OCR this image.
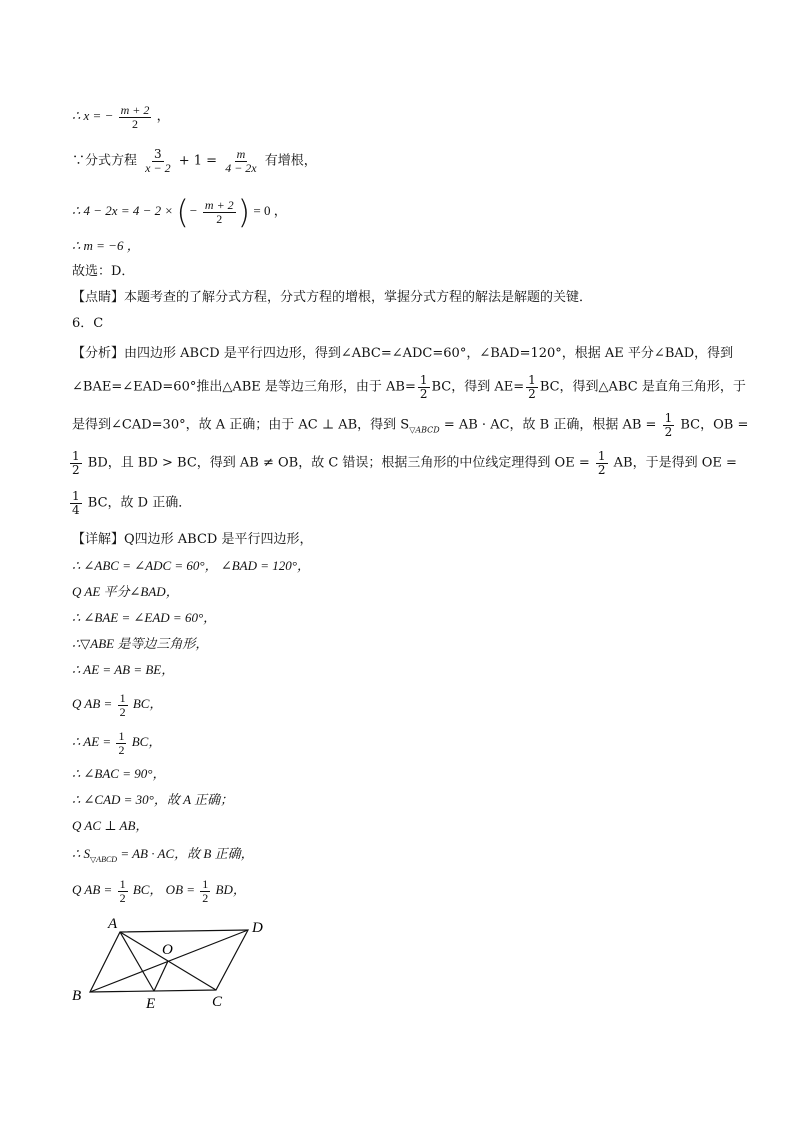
∴ x = − $\frac{m + 2}{2}$ ，
∵分式方程 $\frac{3}{x - 2} + 1 = \frac{m}{4 - 2x}$ 有增根，
∴ 4 − 2x = 4 − 2 × (− $\frac{m + 2}{2}$ ) = 0 ，
∴ m = −6 ，
故选：D．
【点睛】本题考查的了解分式方程，分式方程的增根，掌握分式方程的解法是解题的关键．
6．C
【分析】由四边形 ABCD 是平行四边形，得到∠ABC=∠ADC=60°，∠BAD=120°，根据 AE 平分∠BAD，得到
∠BAE=∠EAD=60°推出△ABE 是等边三角形，由于 $AB= \frac{1}{2}$ BC，得到 $AE= \frac{1}{2}$ BC，得到△ABC 是直角三角形，于
是得到∠CAD=30°，故 A 正确；由于 AC ⊥ AB，得到 $S_{▽ABCD}$ = AB · AC，故 B 正确，根据 AB = $\frac{1}{2}$ BC，OB =
$\frac{1}{2}$ BD，且 BD > BC，得到 AB ≠ OB，故 C 错误；根据三角形的中位线定理得到 OE = $\frac{1}{2}$ AB，于是得到 OE =
$\frac{1}{4}$ BC，故 D 正确．
【详解】Q四边形 ABCD 是平行四边形，
∴ ∠ABC = ∠ADC = 60°， ∠BAD = 120°，
Q AE 平分∠BAD，
∴ ∠BAE = ∠EAD = 60°，
∴▽ABE 是等边三角形，
∴ AE = AB = BE，
Q AB = $\frac{1}{2}$ BC，
∴ AE = $\frac{1}{2}$ BC，
∴ ∠BAC = 90°，
∴ ∠CAD = 30°，故 A 正确；
Q AC ⊥ AB，
∴ $S_{▽ABCD}$ = AB · AC，故 B 正确，
Q AB = $\frac{1}{2}$ BC， OB = $\frac{1}{2}$ BD，
A	D
O
B	E	C
